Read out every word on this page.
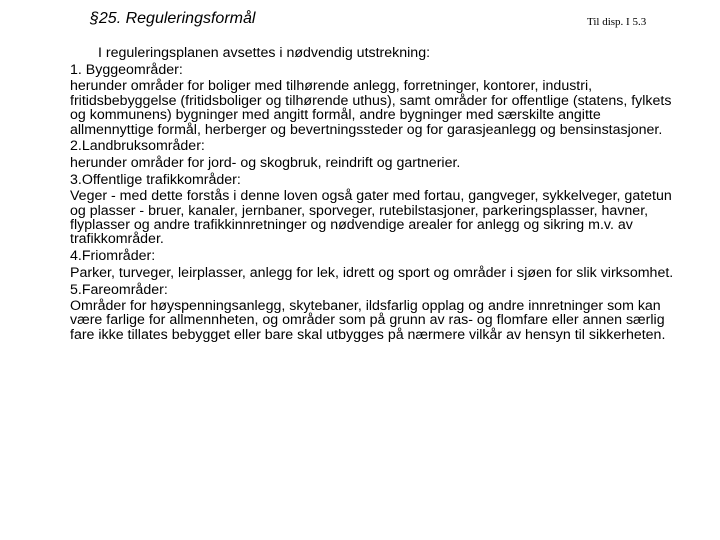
§25. Reguleringsformål	Til disp. I 5.3

I reguleringsplanen avsettes i nødvendig utstrekning:

1. Byggeområder:

herunder områder for boliger med tilhørende anlegg, forretninger, kontorer, industri, fritidsbebyggelse (fritidsboliger og tilhørende uthus), samt områder for offentlige (statens, fylkets og kommunens) bygninger med angitt formål, andre bygninger med særskilte angitte allmennyttige formål, herberger og bevertningssteder og for garasjeanlegg og bensinstasjoner.

2.Landbruksområder:

herunder områder for jord- og skogbruk, reindrift og gartnerier.

3.Offentlige trafikkområder:

Veger - med dette forstås i denne loven også gater med fortau, gangveger, sykkelveger, gatetun og plasser - bruer, kanaler, jernbaner, sporveger, rutebilstasjoner, parkeringsplasser, havner, flyplasser og andre trafikkinnretninger og nødvendige arealer for anlegg og sikring m.v. av trafikkområder.

4.Friområder:

Parker, turveger, leirplasser, anlegg for lek, idrett og sport og områder i sjøen for slik virksomhet.

5.Fareområder:

Områder for høyspenningsanlegg, skytebaner, ildsfarlig opplag og andre innretninger som kan være farlige for allmennheten, og områder som på grunn av ras- og flomfare eller annen særlig fare ikke tillates bebygget eller bare skal utbygges på nærmere vilkår av hensyn til sikkerheten.
